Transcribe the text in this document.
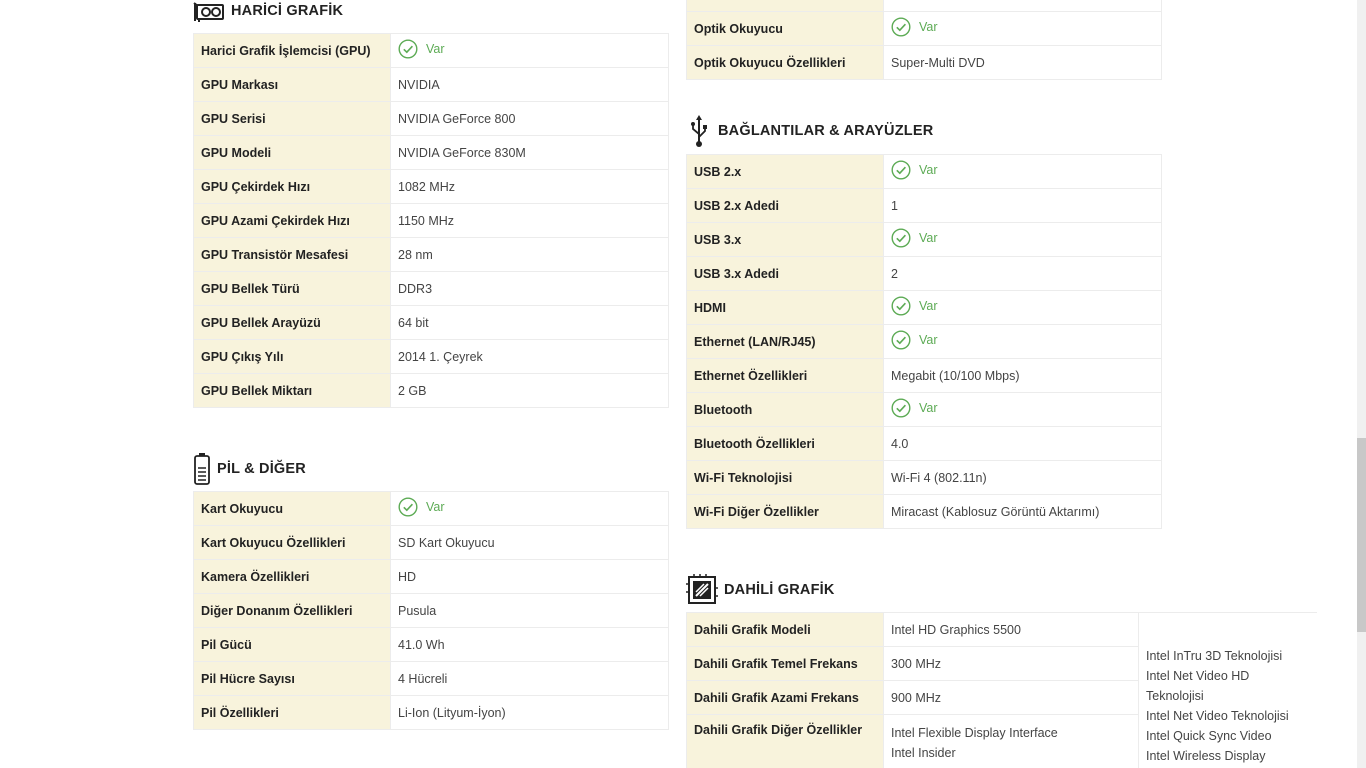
HARİCİ GRAFİK
Harici Grafik İşlemcisi (GPU)	Var

GPU Markası	NVIDIA
GPU Serisi	NVIDIA GeForce 800
GPU Modeli	NVIDIA GeForce 830M
GPU Çekirdek Hızı	1082 MHz
GPU Azami Çekirdek Hızı	1150 MHz
GPU Transistör Mesafesi	28 nm
GPU Bellek Türü	DDR3
GPU Bellek Arayüzü	64 bit
GPU Çıkış Yılı	2014 1. Çeyrek
GPU Bellek Miktarı	2 GB
PİL & DİĞER
Kart Okuyucu	Var

Kart Okuyucu Özellikleri	SD Kart Okuyucu
Kamera Özellikleri	HD
Diğer Donanım Özellikleri	Pusula
Pil Gücü	41.0 Wh
Pil Hücre Sayısı	4 Hücreli
Pil Özellikleri	Li-Ion (Lityum-İyon)

Optik Okuyucu	Var

Optik Okuyucu Özellikleri	Super-Multi DVD
BAĞLANTILAR & ARAYÜZLER
USB 2.x	Var

USB 2.x Adedi	1
USB 3.x	Var

USB 3.x Adedi	2
HDMI	Var

Ethernet (LAN/RJ45)	Var

Ethernet Özellikleri	Megabit (10/100 Mbps)
Bluetooth	Var

Bluetooth Özellikleri	4.0
Wi-Fi Teknolojisi	Wi-Fi 4 (802.11n)
Wi-Fi Diğer Özellikler	Miracast (Kablosuz Görüntü Aktarımı)
DAHİLİ GRAFİK
Dahili Grafik Modeli	Intel HD Graphics 5500	Intel InTru 3D Teknolojisi
Intel Net Video HD Teknolojisi
Intel Net Video Teknolojisi
Intel Quick Sync Video
Intel Wireless Display

Dahili Grafik Temel Frekans	300 MHz	
Dahili Grafik Azami Frekans	900 MHz	
Dahili Grafik Diğer Özellikler	Intel Flexible Display Interface
Intel Insider	
